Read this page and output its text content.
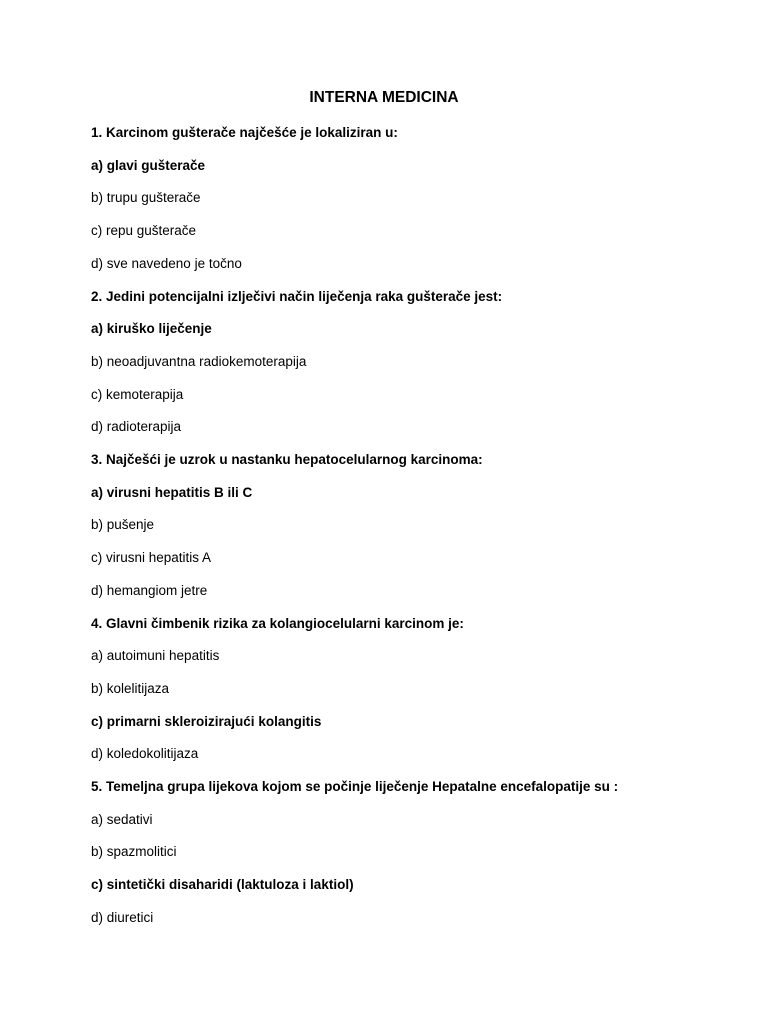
INTERNA MEDICINA
1. Karcinom gušterače najčešće je lokaliziran u:
a) glavi gušterače
b) trupu gušterače
c) repu gušterače
d) sve navedeno je točno
2. Jedini potencijalni izlječivi način liječenja raka gušterače jest:
a) kiruško liječenje
b) neoadjuvantna radiokemoterapija
c) kemoterapija
d) radioterapija
3. Najčešći je uzrok u nastanku hepatocelularnog karcinoma:
a) virusni hepatitis B ili C
b) pušenje
c) virusni hepatitis A
d) hemangiom jetre
4. Glavni čimbenik rizika za kolangiocelularni karcinom je:
a) autoimuni hepatitis
b) kolelitijaza
c) primarni skleroizirajući kolangitis
d) koledokolitijaza
5. Temeljna grupa lijekova kojom se počinje liječenje Hepatalne encefalopatije su :
a) sedativi
b) spazmolitici
c) sintetički disaharidi (laktuloza i laktiol)
d) diuretici
